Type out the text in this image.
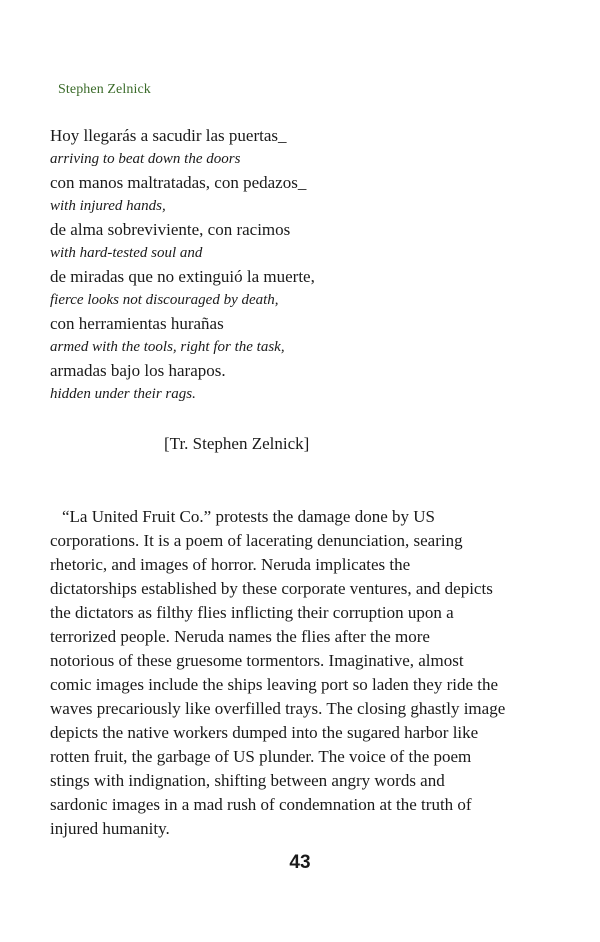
Stephen Zelnick
Hoy llegarás a sacudir las puertas_
arriving to beat down the doors
con manos maltratadas, con pedazos_
with injured hands,
de alma sobreviviente, con racimos
with hard-tested soul and
de miradas que no extinguió la muerte,
fierce looks not discouraged by death,
con herramientas hurañas
armed with the tools, right for the task,
armadas bajo los harapos.
hidden under their rags.
[Tr. Stephen Zelnick]
“La United Fruit Co.” protests the damage done by US
corporations. It is a poem of lacerating denunciation, searing
rhetoric, and images of horror. Neruda implicates the
dictatorships established by these corporate ventures, and depicts
the dictators as filthy flies inflicting their corruption upon a
terrorized people. Neruda names the flies after the more
notorious of these gruesome tormentors. Imaginative, almost
comic images include the ships leaving port so laden they ride the
waves precariously like overfilled trays. The closing ghastly image
depicts the native workers dumped into the sugared harbor like
rotten fruit, the garbage of US plunder. The voice of the poem
stings with indignation, shifting between angry words and
sardonic images in a mad rush of condemnation at the truth of
injured humanity.
43
